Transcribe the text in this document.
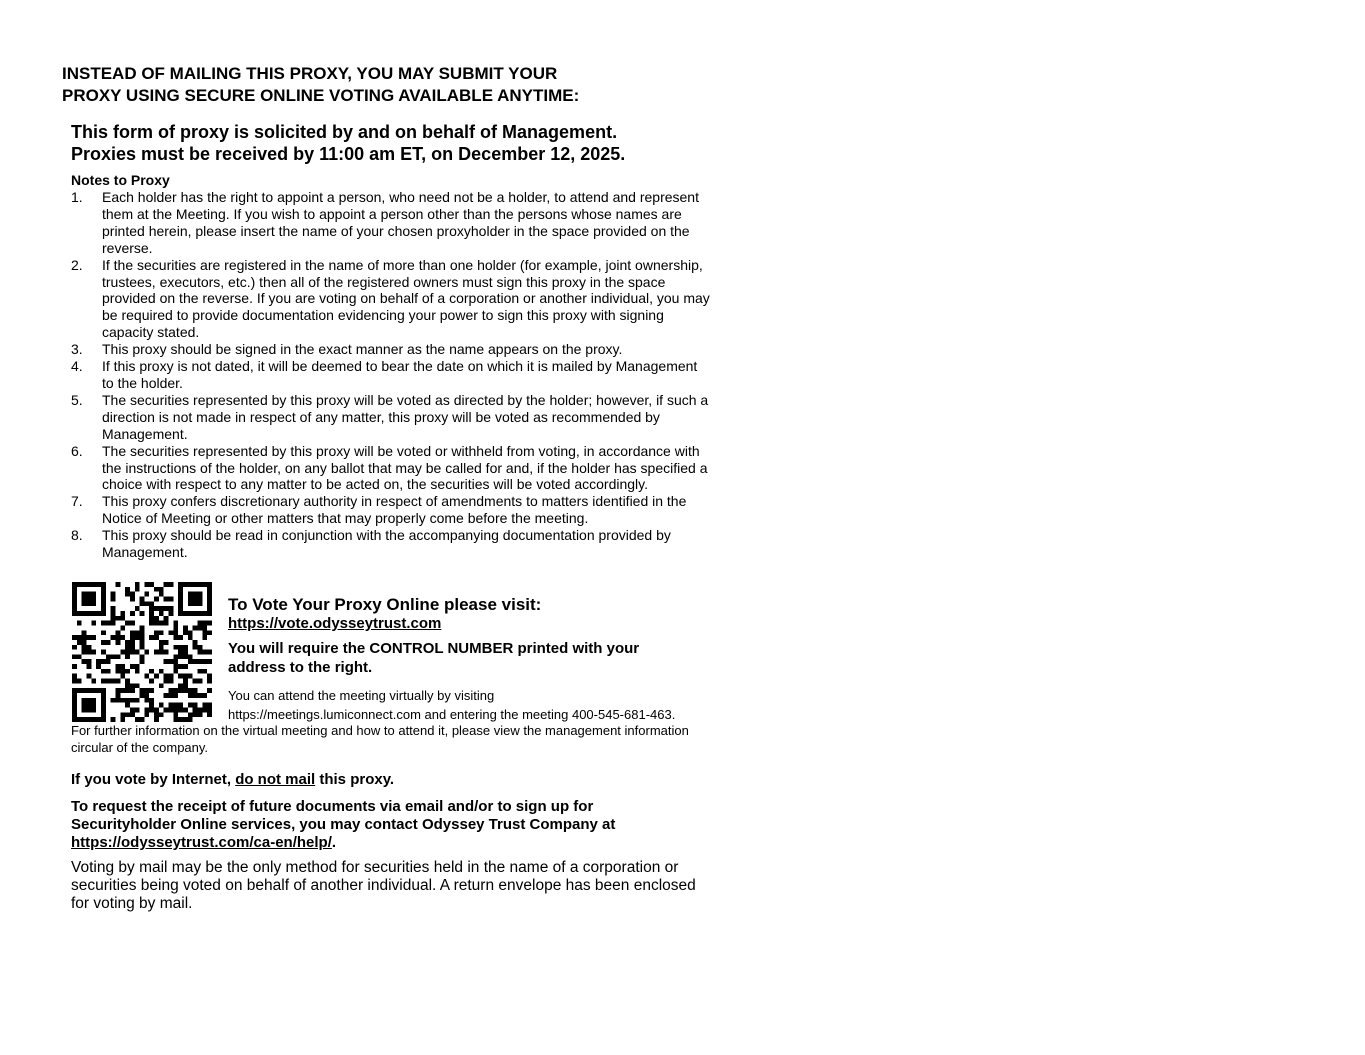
INSTEAD OF MAILING THIS PROXY, YOU MAY SUBMIT YOUR
PROXY USING SECURE ONLINE VOTING AVAILABLE ANYTIME:
This form of proxy is solicited by and on behalf of Management.
Proxies must be received by 11:00 am ET, on December 12, 2025.
Notes to Proxy
1. Each holder has the right to appoint a person, who need not be a holder, to attend and represent them at the Meeting. If you wish to appoint a person other than the persons whose names are printed herein, please insert the name of your chosen proxyholder in the space provided on the reverse.
2. If the securities are registered in the name of more than one holder (for example, joint ownership, trustees, executors, etc.) then all of the registered owners must sign this proxy in the space provided on the reverse. If you are voting on behalf of a corporation or another individual, you may be required to provide documentation evidencing your power to sign this proxy with signing capacity stated.
3. This proxy should be signed in the exact manner as the name appears on the proxy.
4. If this proxy is not dated, it will be deemed to bear the date on which it is mailed by Management to the holder.
5. The securities represented by this proxy will be voted as directed by the holder; however, if such a direction is not made in respect of any matter, this proxy will be voted as recommended by Management.
6. The securities represented by this proxy will be voted or withheld from voting, in accordance with the instructions of the holder, on any ballot that may be called for and, if the holder has specified a choice with respect to any matter to be acted on, the securities will be voted accordingly.
7. This proxy confers discretionary authority in respect of amendments to matters identified in the Notice of Meeting or other matters that may properly come before the meeting.
8. This proxy should be read in conjunction with the accompanying documentation provided by Management.
To Vote Your Proxy Online please visit:
https://vote.odysseytrust.com
You will require the CONTROL NUMBER printed with your address to the right.
You can attend the meeting virtually by visiting
https://meetings.lumiconnect.com and entering the meeting 400-545-681-463.
For further information on the virtual meeting and how to attend it, please view the management information circular of the company.
If you vote by Internet, do not mail this proxy.
To request the receipt of future documents via email and/or to sign up for Securityholder Online services, you may contact Odyssey Trust Company at https://odysseytrust.com/ca-en/help/.
Voting by mail may be the only method for securities held in the name of a corporation or securities being voted on behalf of another individual. A return envelope has been enclosed for voting by mail.
